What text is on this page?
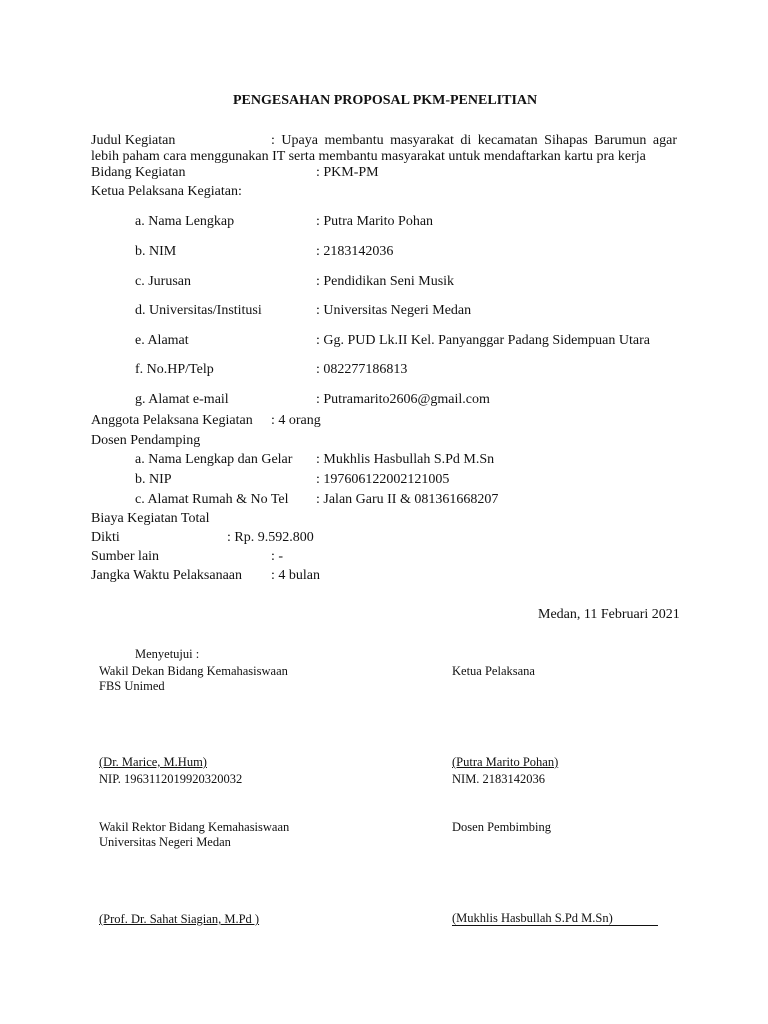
PENGESAHAN PROPOSAL PKM-PENELITIAN
Judul Kegiatan	: Upaya membantu masyarakat di kecamatan Sihapas Barumun agar
lebih paham cara menggunakan IT serta membantu masyarakat untuk mendaftarkan kartu pra kerja
Bidang Kegiatan	: PKM-PM
Ketua Pelaksana Kegiatan:
a. Nama Lengkap	: Putra Marito Pohan
b. NIM	: 2183142036
c. Jurusan	: Pendidikan Seni Musik
d. Universitas/Institusi	: Universitas Negeri Medan
e. Alamat	: Gg. PUD Lk.II Kel. Panyanggar Padang Sidempuan Utara
f. No.HP/Telp	: 082277186813
g. Alamat e-mail	: Putramarito2606@gmail.com
Anggota Pelaksana Kegiatan : 4 orang
Dosen Pendamping
a. Nama Lengkap dan Gelar : Mukhlis Hasbullah S.Pd M.Sn
b. NIP	: 197606122002121005
c. Alamat Rumah & No Tel : Jalan Garu II & 081361668207
Biaya Kegiatan Total
Dikti	: Rp. 9.592.800
Sumber lain	: -
Jangka Waktu Pelaksanaan : 4 bulan
Medan, 11 Februari 2021
Menyetujui :
Wakil Dekan Bidang Kemahasiswaan
FBS Unimed
(Dr. Marice, M.Hum)
NIP. 1963112019920320032
Ketua Pelaksana
(Putra Marito Pohan)
NIM. 2183142036
Wakil Rektor Bidang Kemahasiswaan
Universitas Negeri Medan
(Prof. Dr. Sahat Siagian, M.Pd )
Dosen Pembimbing
(Mukhlis Hasbullah S.Pd M.Sn)
